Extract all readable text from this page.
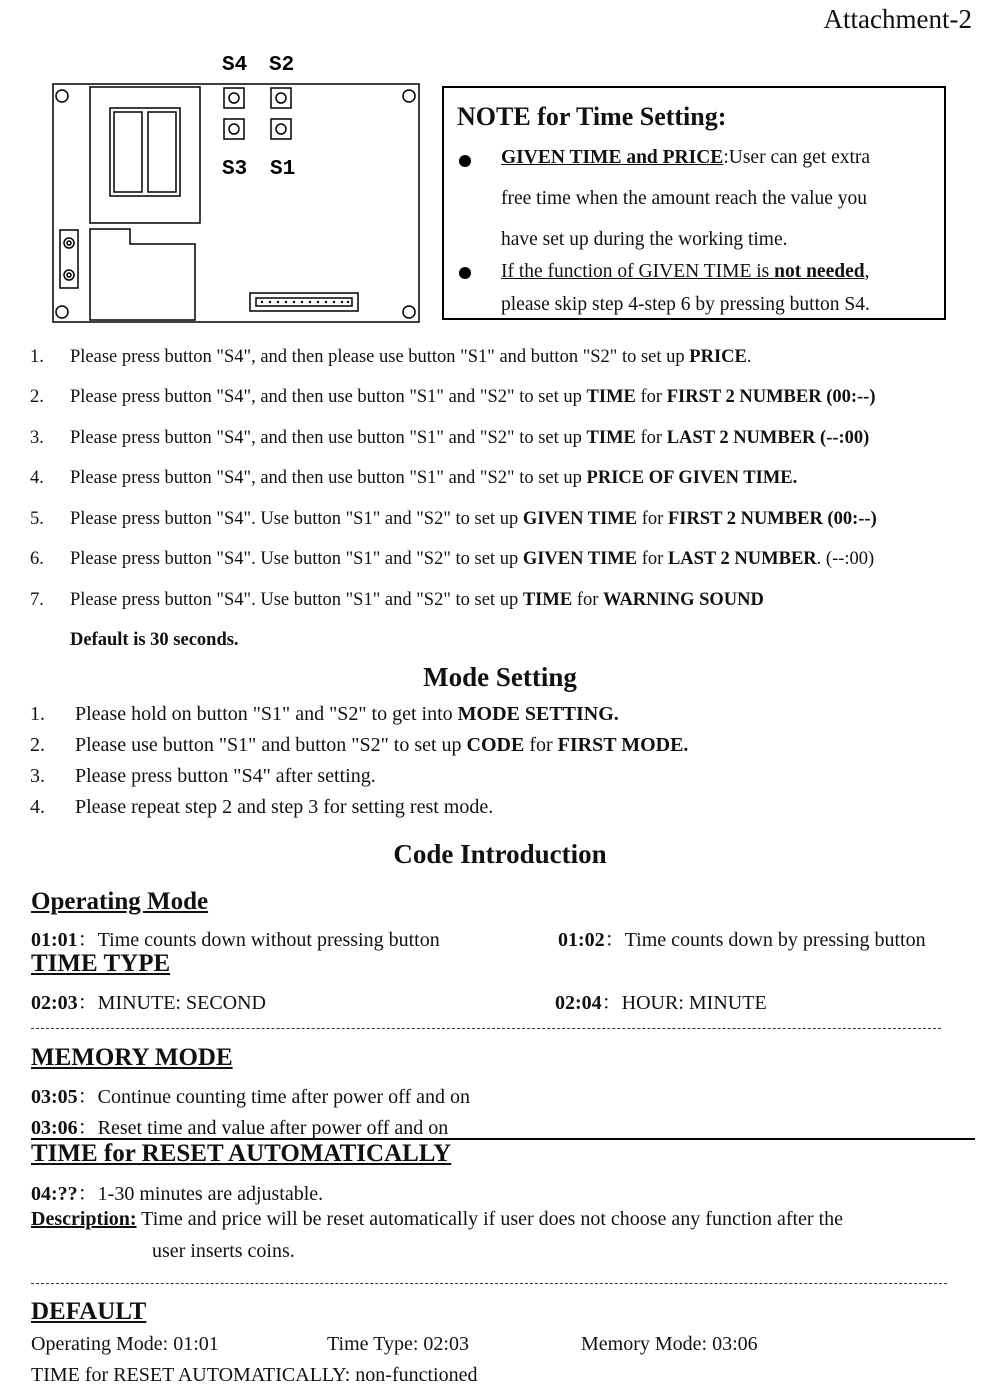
Attachment-2
S4 S2
S3 S1
NOTE for Time Setting:
GIVEN TIME and PRICE:User can get extra
free time when the amount reach the value you
have set up during the working time.
If the function of GIVEN TIME is not needed,
please skip step 4-step 6 by pressing button S4.
1. Please press button "S4", and then please use button "S1" and button "S2" to set up PRICE.
2. Please press button "S4", and then use button "S1" and "S2" to set up TIME for FIRST 2 NUMBER (00:--)
3. Please press button "S4", and then use button "S1" and "S2" to set up TIME for LAST 2 NUMBER (--:00)
4. Please press button "S4", and then use button "S1" and "S2" to set up PRICE OF GIVEN TIME.
5. Please press button "S4". Use button "S1" and "S2" to set up GIVEN TIME for FIRST 2 NUMBER (00:--)
6. Please press button "S4". Use button "S1" and "S2" to set up GIVEN TIME for LAST 2 NUMBER. (--:00)
7. Please press button "S4". Use button "S1" and "S2" to set up TIME for WARNING SOUND
Default is 30 seconds.
Mode Setting
1. Please hold on button "S1" and "S2" to get into MODE SETTING.
2. Please use button "S1" and button "S2" to set up CODE for FIRST MODE.
3. Please press button "S4" after setting.
4. Please repeat step 2 and step 3 for setting rest mode.
Code Introduction
Operating Mode
01:01：Time counts down without pressing button	01:02：Time counts down by pressing button
TIME TYPE
02:03：MINUTE: SECOND	02:04：HOUR: MINUTE
MEMORY MODE
03:05：Continue counting time after power off and on
03:06：Reset time and value after power off and on
TIME for RESET AUTOMATICALLY
04:??：1-30 minutes are adjustable.
Description: Time and price will be reset automatically if user does not choose any function after the
user inserts coins.
DEFAULT
Operating Mode: 01:01	Time Type: 02:03	Memory Mode: 03:06
TIME for RESET AUTOMATICALLY: non-functioned
